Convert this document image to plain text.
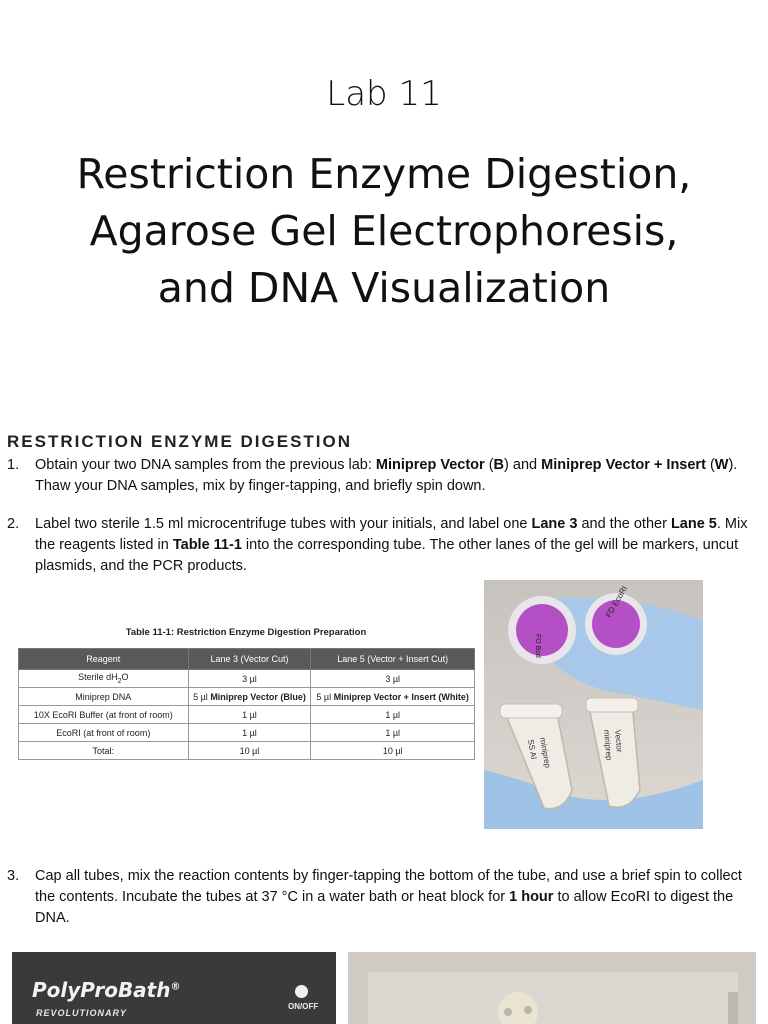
Lab 11
Restriction Enzyme Digestion,
Agarose Gel Electrophoresis,
and DNA Visualization
RESTRICTION ENZYME DIGESTION
1. Obtain your two DNA samples from the previous lab: Miniprep Vector (B) and Miniprep Vector + Insert (W). Thaw your DNA samples, mix by finger-tapping, and briefly spin down.
2. Label two sterile 1.5 ml microcentrifuge tubes with your initials, and label one Lane 3 and the other Lane 5. Mix the reagents listed in Table 11-1 into the corresponding tube. The other lanes of the gel will be markers, uncut plasmids, and the PCR products.
Table 11-1: Restriction Enzyme Digestion Preparation
Reagent	Lane 3 (Vector Cut)	Lane 5 (Vector + Insert Cut)
Sterile $dH_2O$	3 µl	3 µl
Miniprep DNA	5 µl Miniprep Vector (Blue)	5 µl Miniprep Vector + Insert (White)
10X EcoRI Buffer (at front of room)	1 µl	1 µl
EcoRI (at front of room)	1 µl	1 µl
Total:	10 µl	10 µl
FO Bcd
FD EcoRI
SS AI miniprep	miniprep Vector
3. Cap all tubes, mix the reaction contents by finger-tapping the bottom of the tube, and use a brief spin to collect the contents. Incubate the tubes at 37 °C in a water bath or heat block for 1 hour to allow EcoRI to digest the DNA.
PolyProBath®
REVOLUTIONARY
ON/OFF
